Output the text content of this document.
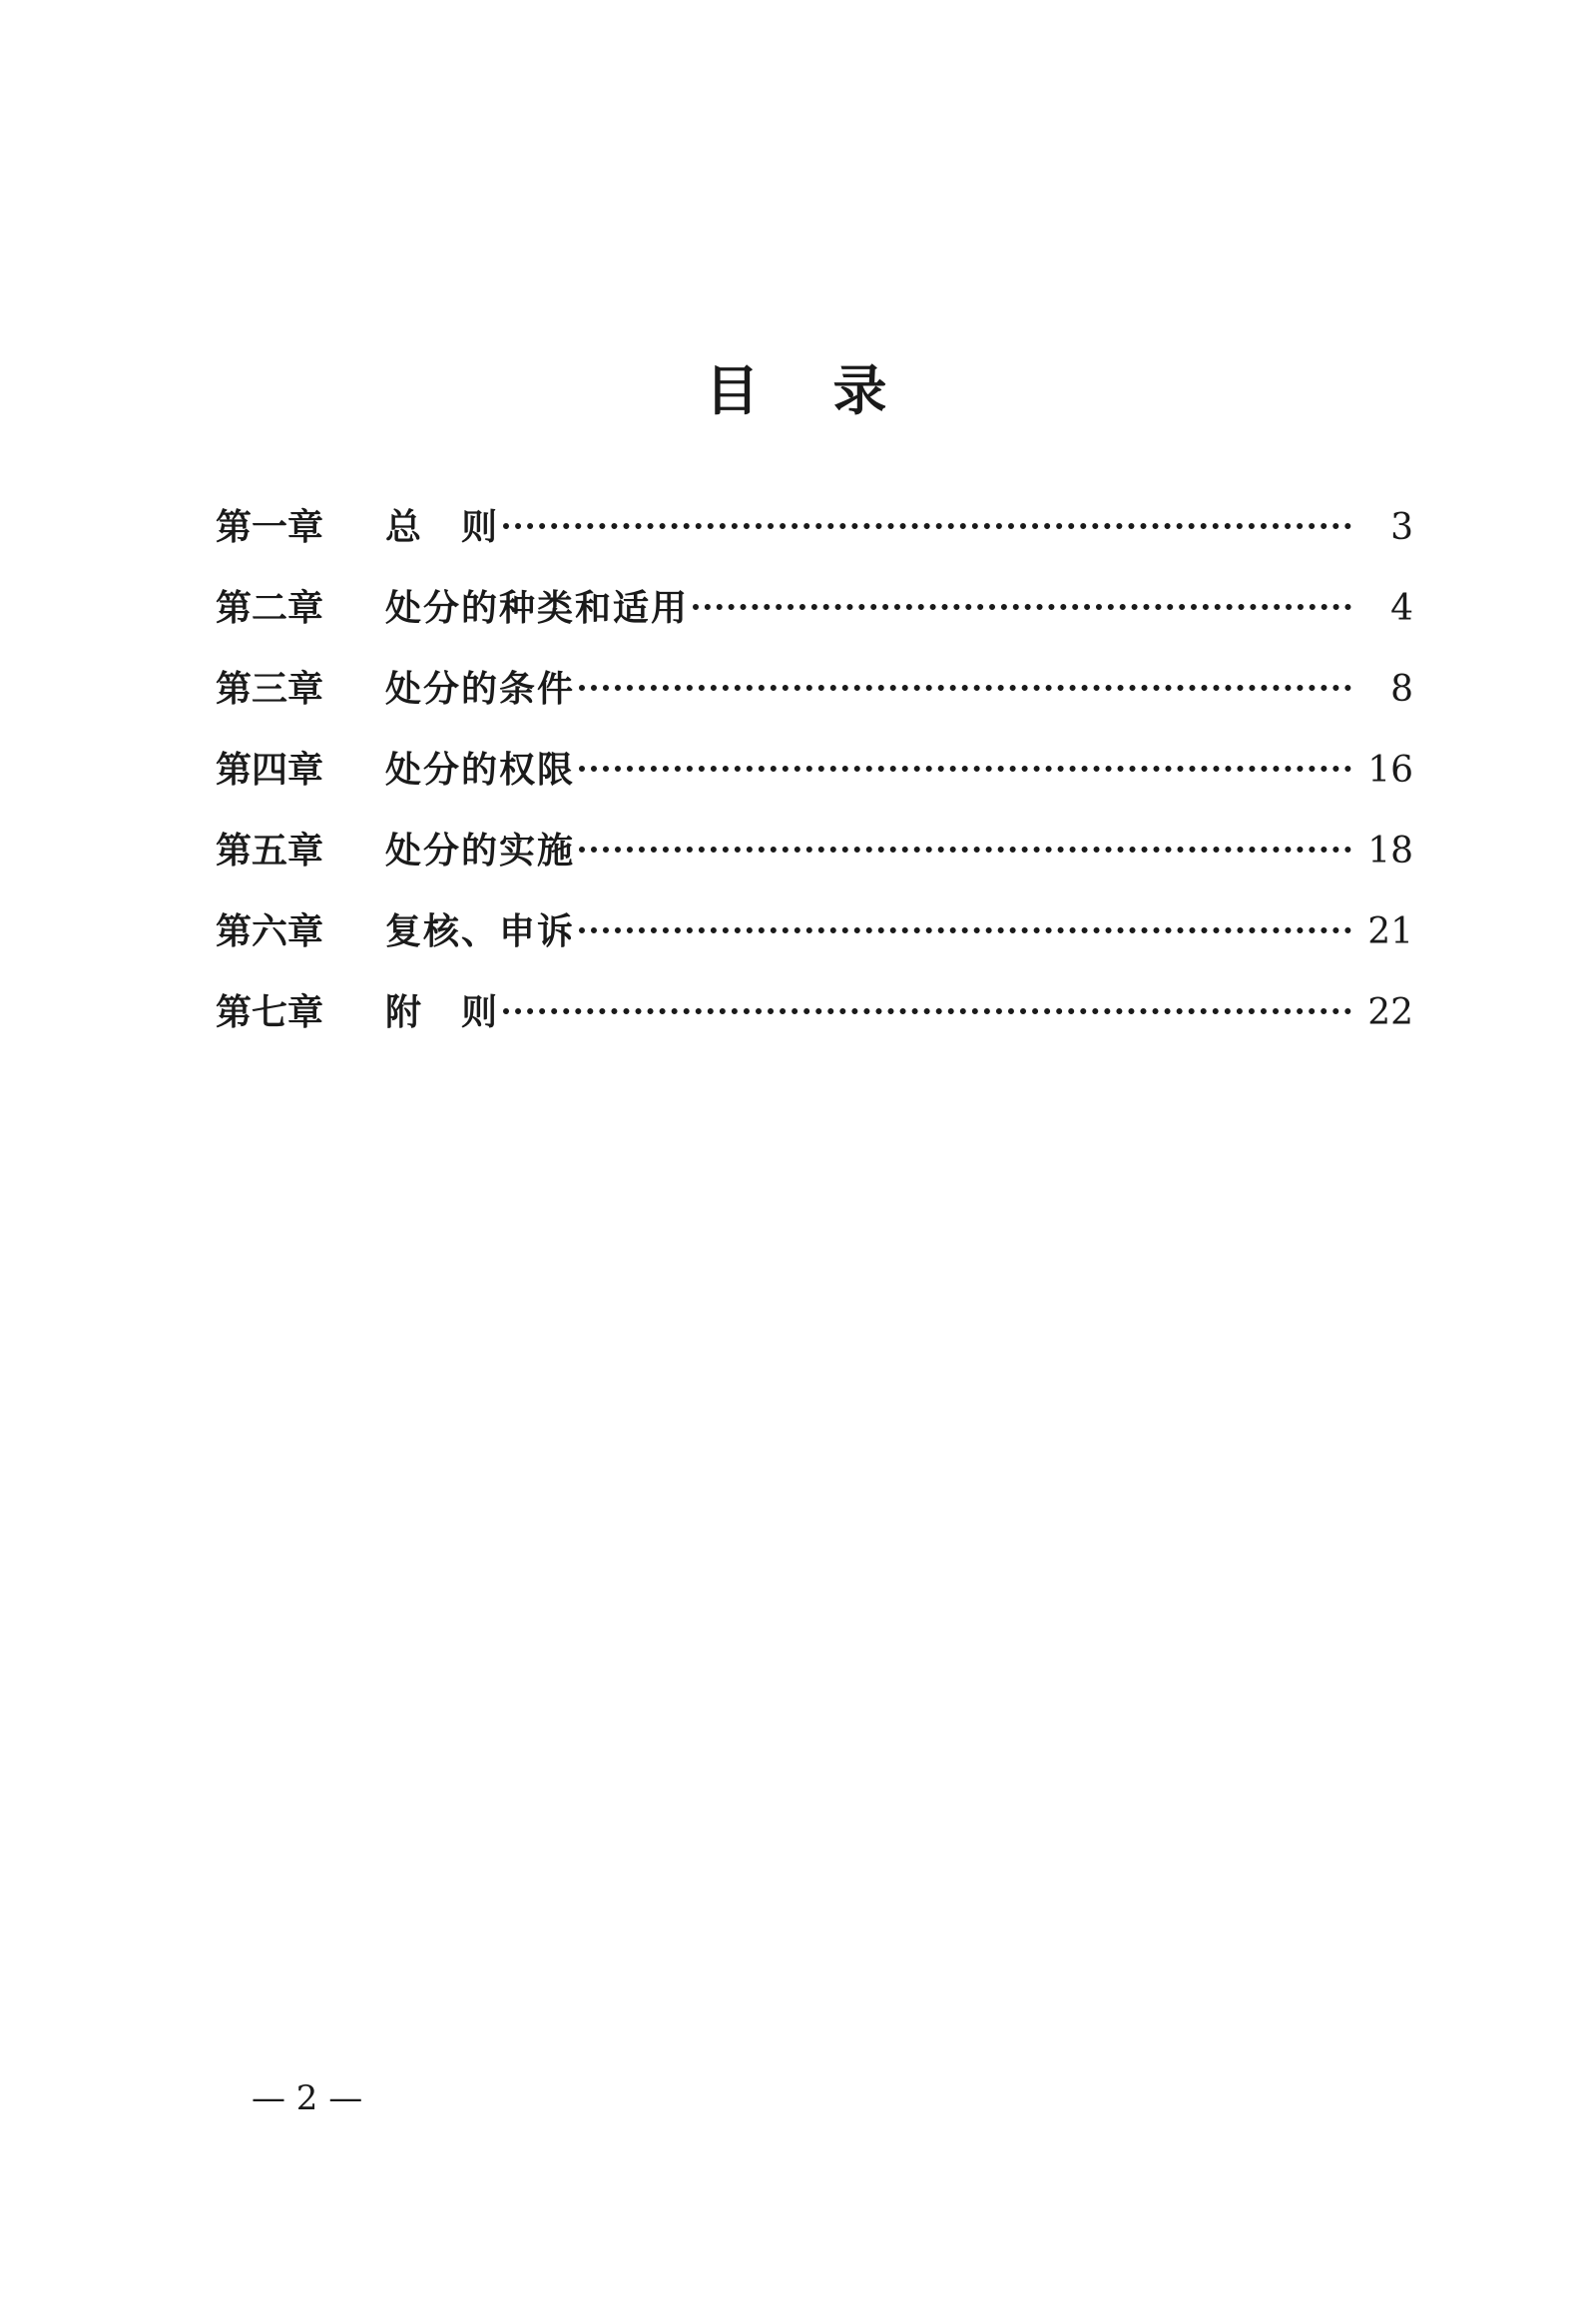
目 录
第一章	总　则	3
第二章	处分的种类和适用	4
第三章	处分的条件	8
第四章	处分的权限	16
第五章	处分的实施	18
第六章	复核、申诉	21
第七章	附　则	22
— 2 —
